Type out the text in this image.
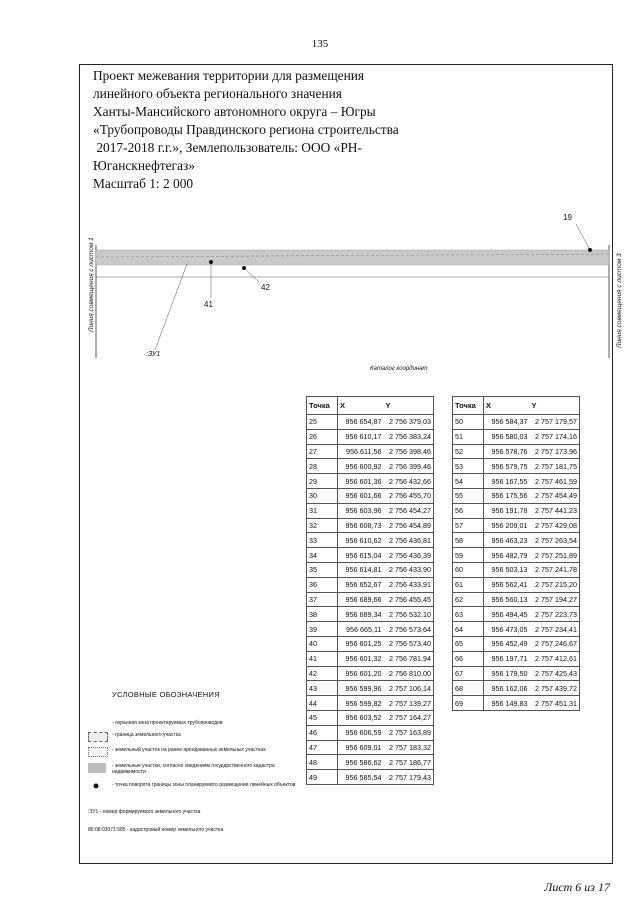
135
Проект межевания территории для размещения
линейного объекта регионального значения
Ханты-Мансийского автономного округа – Югры
«Трубопроводы Правдинского региона строительства
2017-2018 г.г.», Землепользователь: ООО «РН-
Юганскнефтегаз»
Масштаб 1: 2 000
41
42
19
:ЗУ1
Линия совмещения с листом 1	Линия совмещения с листом 3
Каталог координат
Точка	X	Y
25	956 654,87	2 756 379,03
26	956 610,17	2 756 383,24
27	956 611,56	2 756 398,46
28	956 600,92	2 756 399,46
29	956 601,36	2 756 432,66
30	956 601,66	2 756 455,70
31	956 603,96	2 756 454,27
32	956 608,73	2 756 454,89
33	956 610,62	2 756 436,81
34	956 615,04	2 756 436,39
35	956 614,81	2 756 433,90
36	956 652,67	2 756 433,91
37	956 689,66	2 756 455,45
38	956 689,34	2 756 532,10
39	956 665,11	2 756 573,64
40	956 601,25	2 756 573,40
41	956 601,32	2 756 781,94
42	956 601,20	2 756 810,00
43	956 599,96	2 757 106,14
44	956 599,82	2 757 139,27
45	956 603,52	2 757 164,27
46	956 606,59	2 757 163,89
47	956 609,01	2 757 183,32
48	956 586,62	2 757 186,77
49	956 585,54	2 757 179,43
Точка	X	Y
50	956 584,37	2 757 179,57
51	956 580,03	2 757 174,16
52	956 578,76	2 757 173,96
53	956 579,75	2 757 181,75
54	956 167,55	2 757 461,59
55	956 175,56	2 757 454,49
56	956 191,78	2 757 441,23
57	956 209,01	2 757 429,08
58	956 463,23	2 757 263,54
59	956 482,79	2 757 251,89
60	956 503,13	2 757 241,78
61	956 562,41	2 757 215,20
62	956 560,13	2 757 194,27
63	956 494,45	2 757 223,73
64	956 473,05	2 757 234,41
65	956 452,49	2 757 246,67
66	956 197,71	2 757 412,61
67	956 179,50	2 757 425,43
68	956 162,06	2 757 439,72
69	956 149,83	2 757 451,31
УСЛОВНЫЕ ОБОЗНАЧЕНИЯ
- охранная зона проектируемых трубопроводов
- граница земельного участка
- земельный участок на ранее арендованных земельных участках
- земельные участки, согласно сведениям государственного кадастра недвижимости
- точка поворота границы зоны планируемого размещения линейных объектов
:ЗУ1 - номер формируемого земельного участка
86:08:03071:585 - кадастровый номер земельного участка
Лист 6 из 17
